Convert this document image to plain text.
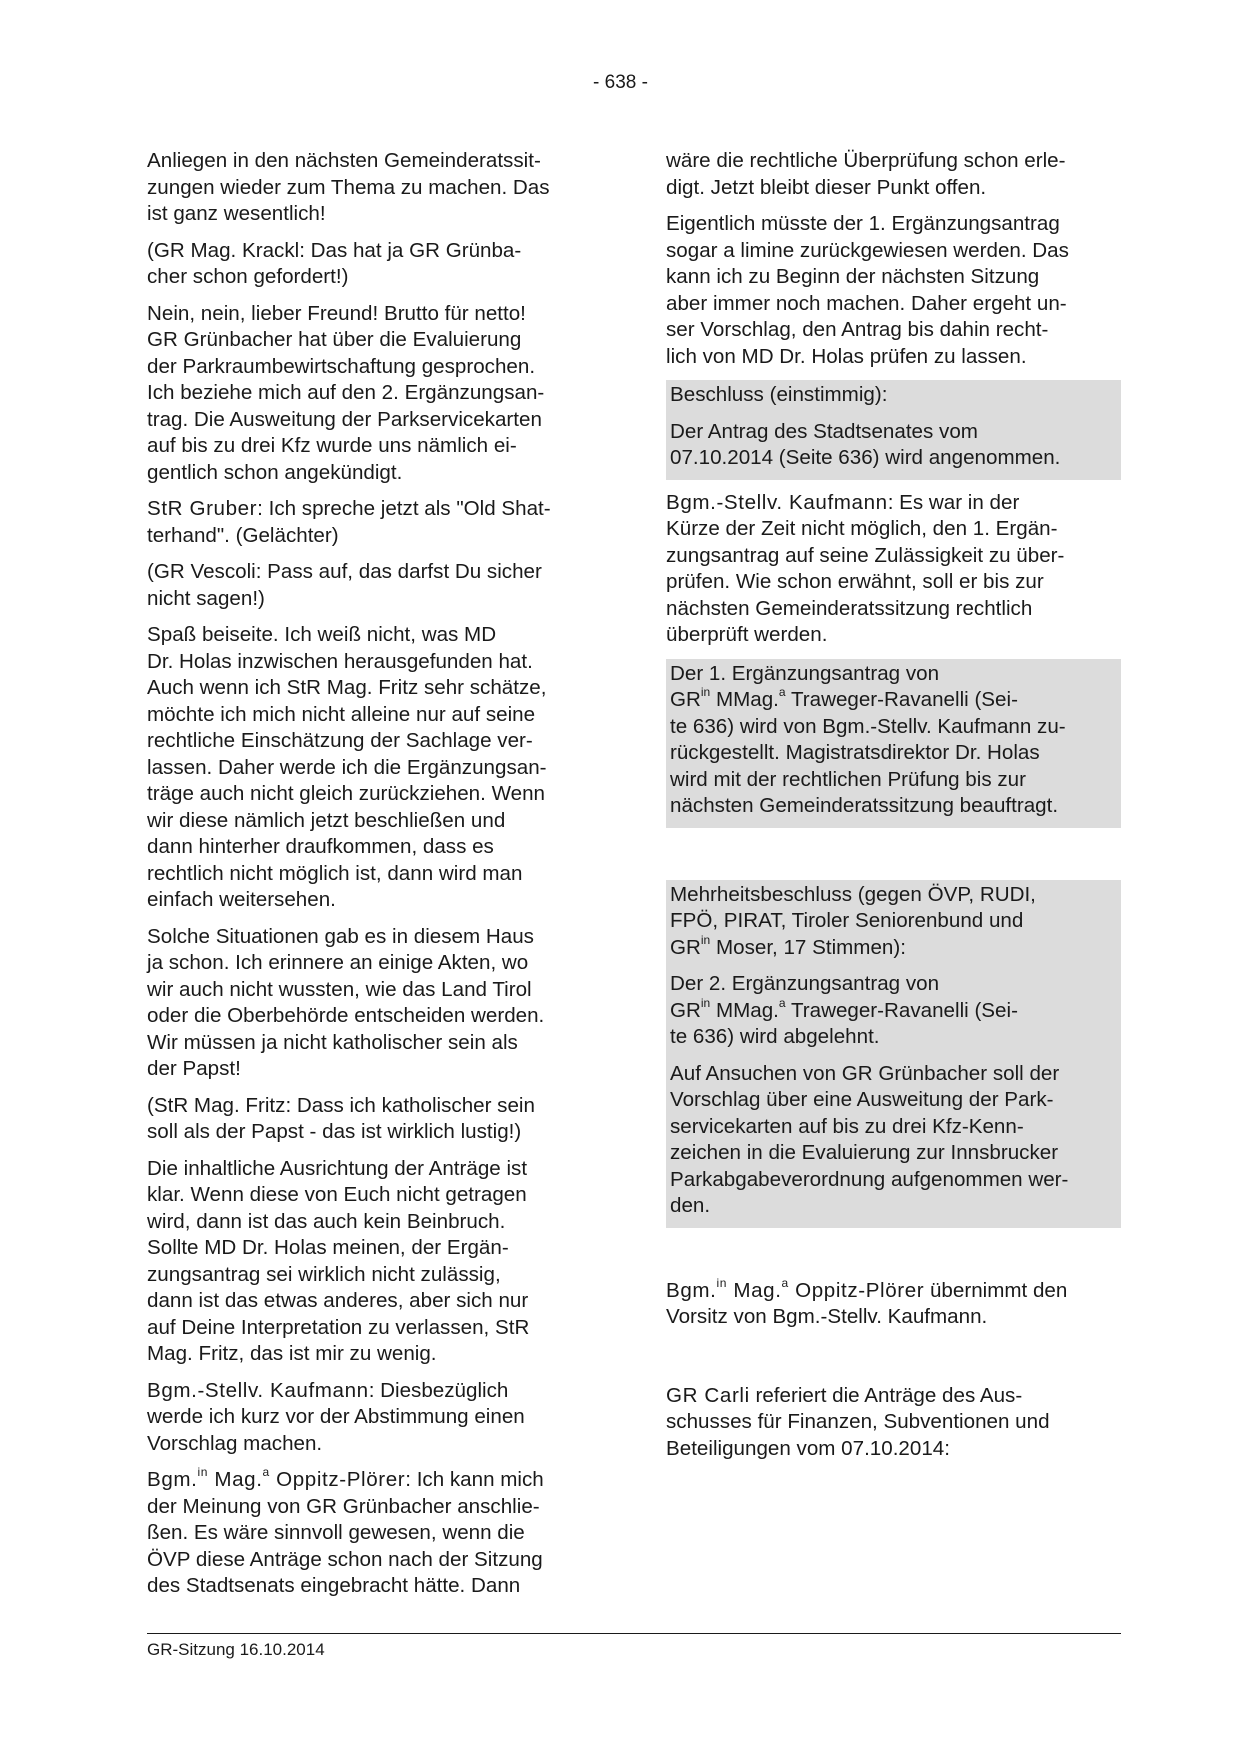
- 638 -

Anliegen in den nächsten Gemeinderatssit-
zungen wieder zum Thema zu machen. Das
ist ganz wesentlich!

(GR Mag. Krackl: Das hat ja GR Grünba-
cher schon gefordert!)

Nein, nein, lieber Freund! Brutto für netto!
GR Grünbacher hat über die Evaluierung
der Parkraumbewirtschaftung gesprochen.
Ich beziehe mich auf den 2. Ergänzungsan-
trag. Die Ausweitung der Parkservicekarten
auf bis zu drei Kfz wurde uns nämlich ei-
gentlich schon angekündigt.

StR Gruber: Ich spreche jetzt als "Old Shat-
terhand". (Gelächter)

(GR Vescoli: Pass auf, das darfst Du sicher
nicht sagen!)

Spaß beiseite. Ich weiß nicht, was MD
Dr. Holas inzwischen herausgefunden hat.
Auch wenn ich StR Mag. Fritz sehr schätze,
möchte ich mich nicht alleine nur auf seine
rechtliche Einschätzung der Sachlage ver-
lassen. Daher werde ich die Ergänzungsan-
träge auch nicht gleich zurückziehen. Wenn
wir diese nämlich jetzt beschließen und
dann hinterher draufkommen, dass es
rechtlich nicht möglich ist, dann wird man
einfach weitersehen.

Solche Situationen gab es in diesem Haus
ja schon. Ich erinnere an einige Akten, wo
wir auch nicht wussten, wie das Land Tirol
oder die Oberbehörde entscheiden werden.
Wir müssen ja nicht katholischer sein als
der Papst!

(StR Mag. Fritz: Dass ich katholischer sein
soll als der Papst - das ist wirklich lustig!)

Die inhaltliche Ausrichtung der Anträge ist
klar. Wenn diese von Euch nicht getragen
wird, dann ist das auch kein Beinbruch.
Sollte MD Dr. Holas meinen, der Ergän-
zungsantrag sei wirklich nicht zulässig,
dann ist das etwas anderes, aber sich nur
auf Deine Interpretation zu verlassen, StR
Mag. Fritz, das ist mir zu wenig.

Bgm.-Stellv. Kaufmann: Diesbezüglich
werde ich kurz vor der Abstimmung einen
Vorschlag machen.

Bgm.$^{in}$ Mag.$^a$ Oppitz-Plörer: Ich kann mich
der Meinung von GR Grünbacher anschlie-
ßen. Es wäre sinnvoll gewesen, wenn die
ÖVP diese Anträge schon nach der Sitzung
des Stadtsenats eingebracht hätte. Dann

wäre die rechtliche Überprüfung schon erle-
digt. Jetzt bleibt dieser Punkt offen.

Eigentlich müsste der 1. Ergänzungsantrag
sogar a limine zurückgewiesen werden. Das
kann ich zu Beginn der nächsten Sitzung
aber immer noch machen. Daher ergeht un-
ser Vorschlag, den Antrag bis dahin recht-
lich von MD Dr. Holas prüfen zu lassen.

Beschluss (einstimmig):

Der Antrag des Stadtsenates vom
07.10.2014 (Seite 636) wird angenommen.

Bgm.-Stellv. Kaufmann: Es war in der
Kürze der Zeit nicht möglich, den 1. Ergän-
zungsantrag auf seine Zulässigkeit zu über-
prüfen. Wie schon erwähnt, soll er bis zur
nächsten Gemeinderatssitzung rechtlich
überprüft werden.

Der 1. Ergänzungsantrag von
$GR^{in}$ MMag.$^a$ Traweger-Ravanelli (Sei-
te 636) wird von Bgm.-Stellv. Kaufmann zu-
rückgestellt. Magistratsdirektor Dr. Holas
wird mit der rechtlichen Prüfung bis zur
nächsten Gemeinderatssitzung beauftragt.

Mehrheitsbeschluss (gegen ÖVP, RUDI,
FPÖ, PIRAT, Tiroler Seniorenbund und
$GR^{in}$ Moser, 17 Stimmen):

Der 2. Ergänzungsantrag von
$GR^{in}$ MMag.$^a$ Traweger-Ravanelli (Sei-
te 636) wird abgelehnt.

Auf Ansuchen von GR Grünbacher soll der
Vorschlag über eine Ausweitung der Park-
servicekarten auf bis zu drei Kfz-Kenn-
zeichen in die Evaluierung zur Innsbrucker
Parkabgabeverordnung aufgenommen wer-
den.

Bgm.$^{in}$ Mag.$^a$ Oppitz-Plörer übernimmt den
Vorsitz von Bgm.-Stellv. Kaufmann.

GR Carli referiert die Anträge des Aus-
schusses für Finanzen, Subventionen und
Beteiligungen vom 07.10.2014:

GR-Sitzung 16.10.2014
